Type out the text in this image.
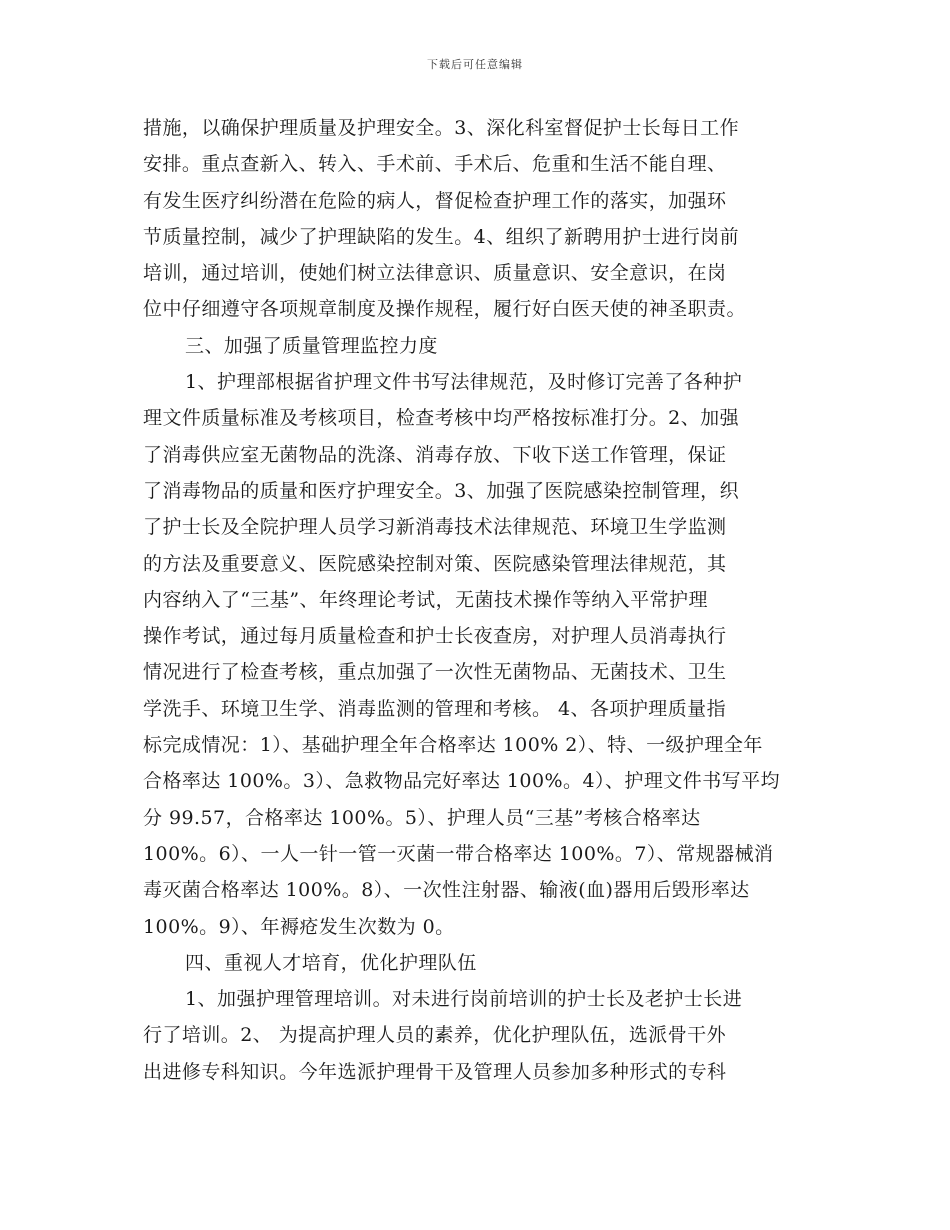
下载后可任意编辑
措施，以确保护理质量及护理安全。3、深化科室督促护士长每日工作
安排。重点查新入、转入、手术前、手术后、危重和生活不能自理、
有发生医疗纠纷潜在危险的病人，督促检查护理工作的落实，加强环
节质量控制，减少了护理缺陷的发生。4、组织了新聘用护士进行岗前
培训，通过培训，使她们树立法律意识、质量意识、安全意识，在岗
位中仔细遵守各项规章制度及操作规程，履行好白医天使的神圣职责。
三、加强了质量管理监控力度
1、护理部根据省护理文件书写法律规范，及时修订完善了各种护
理文件质量标准及考核项目，检查考核中均严格按标准打分。2、加强
了消毒供应室无菌物品的洗涤、消毒存放、下收下送工作管理，保证
了消毒物品的质量和医疗护理安全。3、加强了医院感染控制管理，织
了护士长及全院护理人员学习新消毒技术法律规范、环境卫生学监测
的方法及重要意义、医院感染控制对策、医院感染管理法律规范，其
内容纳入了“三基”、年终理论考试，无菌技术操作等纳入平常护理
操作考试，通过每月质量检查和护士长夜查房，对护理人员消毒执行
情况进行了检查考核，重点加强了一次性无菌物品、无菌技术、卫生
学洗手、环境卫生学、消毒监测的管理和考核。 4、各项护理质量指
标完成情况：1）、基础护理全年合格率达 100% 2）、特、一级护理全年
合格率达 100%。3）、急救物品完好率达 100%。4）、护理文件书写平均
分 99.57，合格率达 100%。5）、护理人员“三基”考核合格率达
100%。6）、一人一针一管一灭菌一带合格率达 100%。7）、常规器械消
毒灭菌合格率达 100%。8）、一次性注射器、输液(血)器用后毁形率达
100%。9）、年褥疮发生次数为 0。
四、重视人才培育，优化护理队伍
1、加强护理管理培训。对未进行岗前培训的护士长及老护士长进
行了培训。2、 为提高护理人员的素养，优化护理队伍，选派骨干外
出进修专科知识。今年选派护理骨干及管理人员参加多种形式的专科
